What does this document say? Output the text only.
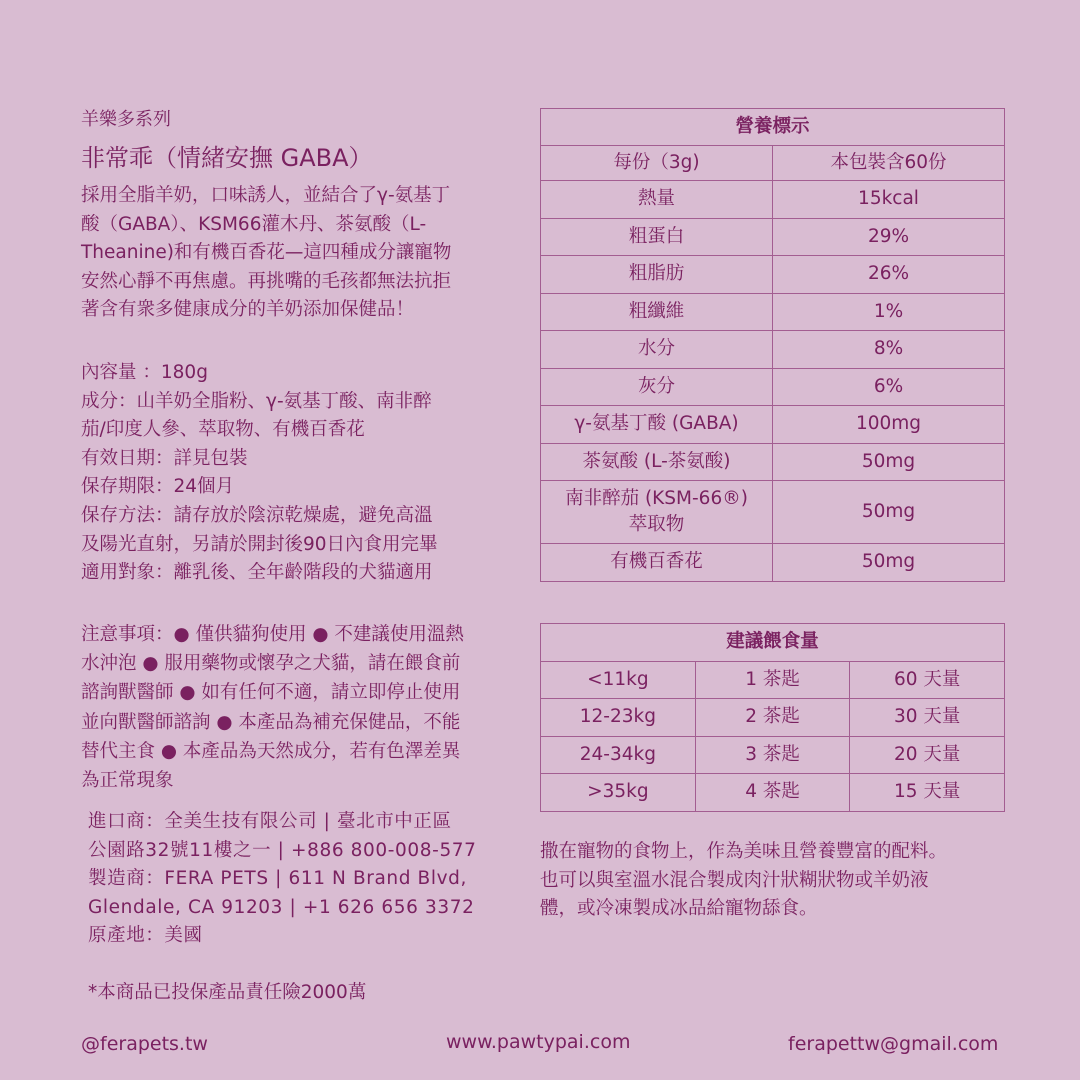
羊樂多系列
非常乖（情緒安撫 GABA）
採用全脂羊奶，口味誘人，並結合了γ-氨基丁
酸（GABA）、KSM66灌木丹、茶氨酸（L-
Theanine)和有機百香花—這四種成分讓寵物
安然心靜不再焦慮。再挑嘴的毛孩都無法抗拒
著含有衆多健康成分的羊奶添加保健品！
內容量 ：180g
成分：山羊奶全脂粉、γ-氨基丁酸、南非醉
茄/印度人參、萃取物、有機百香花
有效日期：詳見包裝
保存期限：24個月
保存方法：請存放於陰涼乾燥處，避免高溫
及陽光直射，另請於開封後90日內食用完畢
適用對象：離乳後、全年齡階段的犬貓適用
注意事項：● 僅供貓狗使用 ● 不建議使用溫熱
水沖泡 ● 服用藥物或懷孕之犬貓，請在餵食前
諮詢獸醫師 ● 如有任何不適，請立即停止使用
並向獸醫師諮詢 ● 本產品為補充保健品，不能
替代主食 ● 本產品為天然成分，若有色澤差異
為正常現象
進口商：全美生技有限公司 | 臺北市中正區
公園路32號11樓之一 | +886 800-008-577
製造商：FERA PETS | 611 N Brand Blvd,
Glendale, CA 91203 | +1 626 656 3372
原產地：美國
*本商品已投保產品責任險2000萬
營養標示	
每份（3g)	本包裝含60份
熱量	15kcal
粗蛋白	29%
粗脂肪	26%
粗纖維	1%
水分	8%
灰分	6%
γ-氨基丁酸 (GABA)	100mg
茶氨酸 (L-茶氨酸)	50mg

南非醉茄 (KSM-66®)
萃取物	50mg
有機百香花	50mg
建議餵食量		
<11kg	1 茶匙	60 天量
12-23kg	2 茶匙	30 天量
24-34kg	3 茶匙	20 天量
>35kg	4 茶匙	15 天量
撒在寵物的食物上，作為美味且營養豐富的配料。
也可以與室溫水混合製成肉汁狀糊狀物或羊奶液
體，或冷凍製成冰品給寵物舔食。
@ferapets.tw	www.pawtypai.com	ferapettw@gmail.com
